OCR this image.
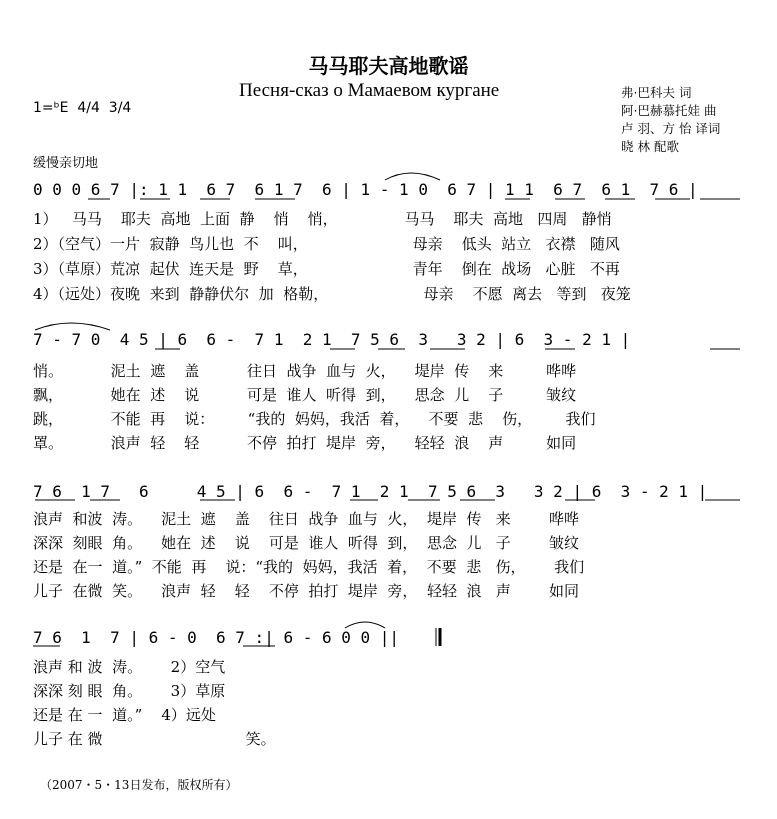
马马耶夫高地歌谣
Песня-сказ о Мамаевом кургане	弗·巴科夫 词
阿·巴赫慕托娃 曲
卢 羽、方 怡 译词
晓 林 配歌
1=ᵇE  4/4  3/4
缓慢亲切地
0 0 0 6 7 |: 1 1  6 7  6 1 7  6 | 1 - 1 0  6 7 | 1 1  6 7  6 1  7 6 |
1）   马马    耶夫  高地  上面  静    悄    悄，              马马    耶夫  高地   四周   静悄
2）（空气）一片  寂静  鸟儿也  不    叫，                      母亲    低头  站立   衣襟   随风
3）（草原）荒凉  起伏  连天是  野    草，                      青年    倒在  战场   心脏   不再
4）（远处）夜晚  来到  静静伏尔  加  格勒，                    母亲    不愿  离去   等到   夜笼
7 - 7 0  4 5 | 6  6 -  7 1  2 1  7 5 6  3   3 2 | 6  3 - 2 1 |
悄。          泥土  遮    盖          往日  战争  血与  火，    堤岸  传    来         哗哗
飘，          她在  述    说          可是  谁人  听得  到，    思念  儿    子         皱纹
跳，          不能  再    说：       “我的  妈妈，我活  着，    不要  悲    伤，       我们
罩。          浪声  轻    轻          不停  拍打  堤岸  旁，    轻轻  浪    声         如同
7 6  1 7   6     4 5 | 6  6 -  7 1  2 1  7 5 6  3   3 2 | 6  3 - 2 1 |
浪声  和波  涛。    泥土  遮    盖    往日  战争  血与  火，  堤岸  传   来        哗哗
深深  刻眼  角。    她在  述    说    可是  谁人  听得  到，  思念  儿   子        皱纹
还是  在一  道。”  不能  再    说：“我的  妈妈，我活  着，  不要  悲   伤，      我们
儿子  在微  笑。    浪声  轻    轻    不停  拍打  堤岸  旁，  轻轻  浪   声        如同
7 6  1  7 | 6 - 0  6 7 :| 6 - 6 0 0 ||
浪声 和 波  涛。      2）空气
深深 刻 眼  角。      3）草原
还是 在 一  道。”    4）远处
儿子 在 微                              笑。
（2007・5・13日发布，版权所有）
